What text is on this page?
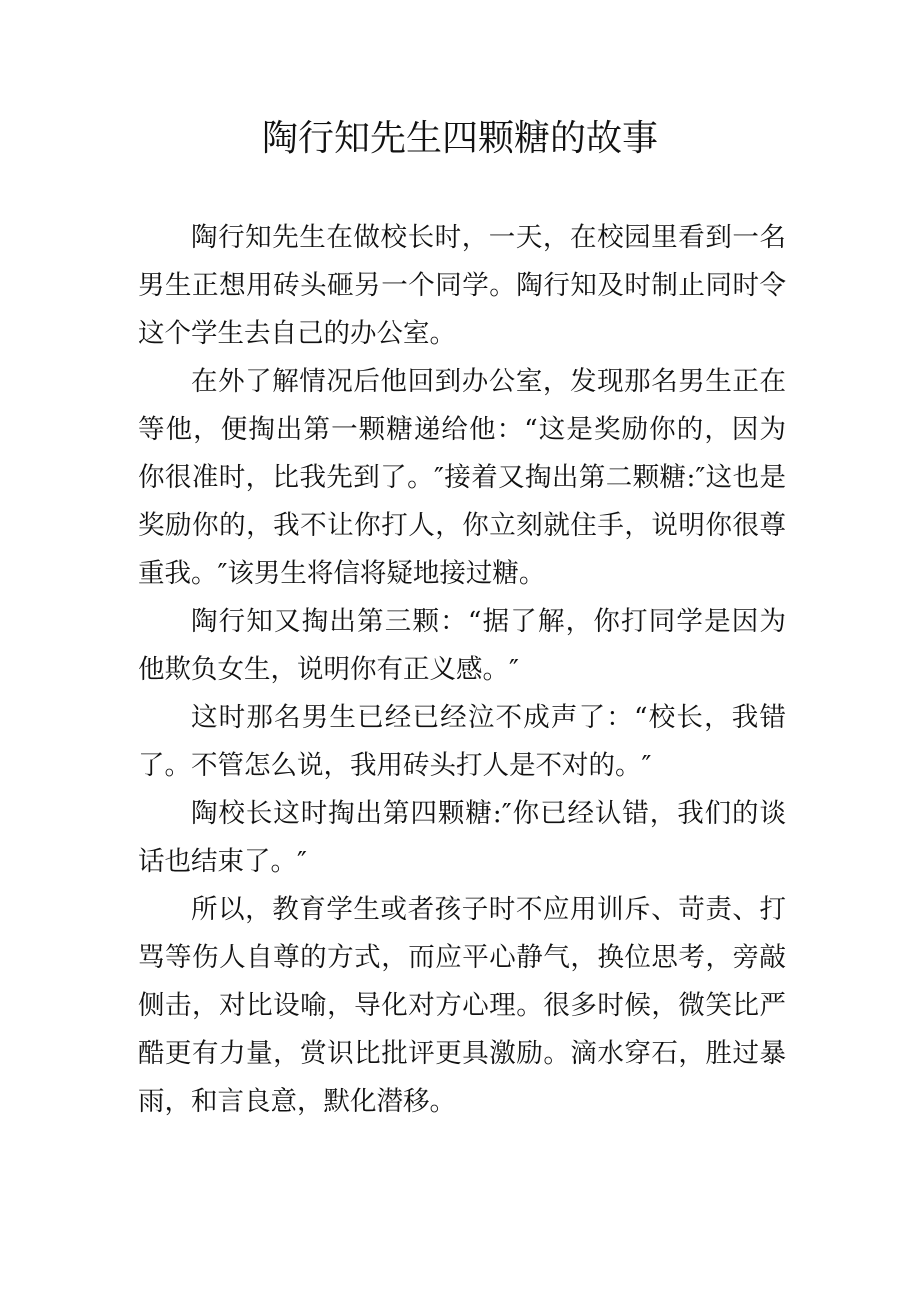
陶行知先生四颗糖的故事

陶行知先生在做校长时，一天，在校园里看到一名男生正想用砖头砸另一个同学。陶行知及时制止同时令这个学生去自己的办公室。

在外了解情况后他回到办公室，发现那名男生正在等他，便掏出第一颗糖递给他：“这是奖励你的，因为你很准时，比我先到了。″接着又掏出第二颗糖:″这也是奖励你的，我不让你打人，你立刻就住手，说明你很尊重我。″该男生将信将疑地接过糖。

陶行知又掏出第三颗：“据了解，你打同学是因为他欺负女生，说明你有正义感。″

这时那名男生已经已经泣不成声了：“校长，我错了。不管怎么说，我用砖头打人是不对的。″

陶校长这时掏出第四颗糖:″你已经认错，我们的谈话也结束了。″

所以，教育学生或者孩子时不应用训斥、苛责、打骂等伤人自尊的方式，而应平心静气，换位思考，旁敲侧击，对比设喻，导化对方心理。很多时候，微笑比严酷更有力量，赏识比批评更具激励。滴水穿石，胜过暴雨，和言良意，默化潜移。
